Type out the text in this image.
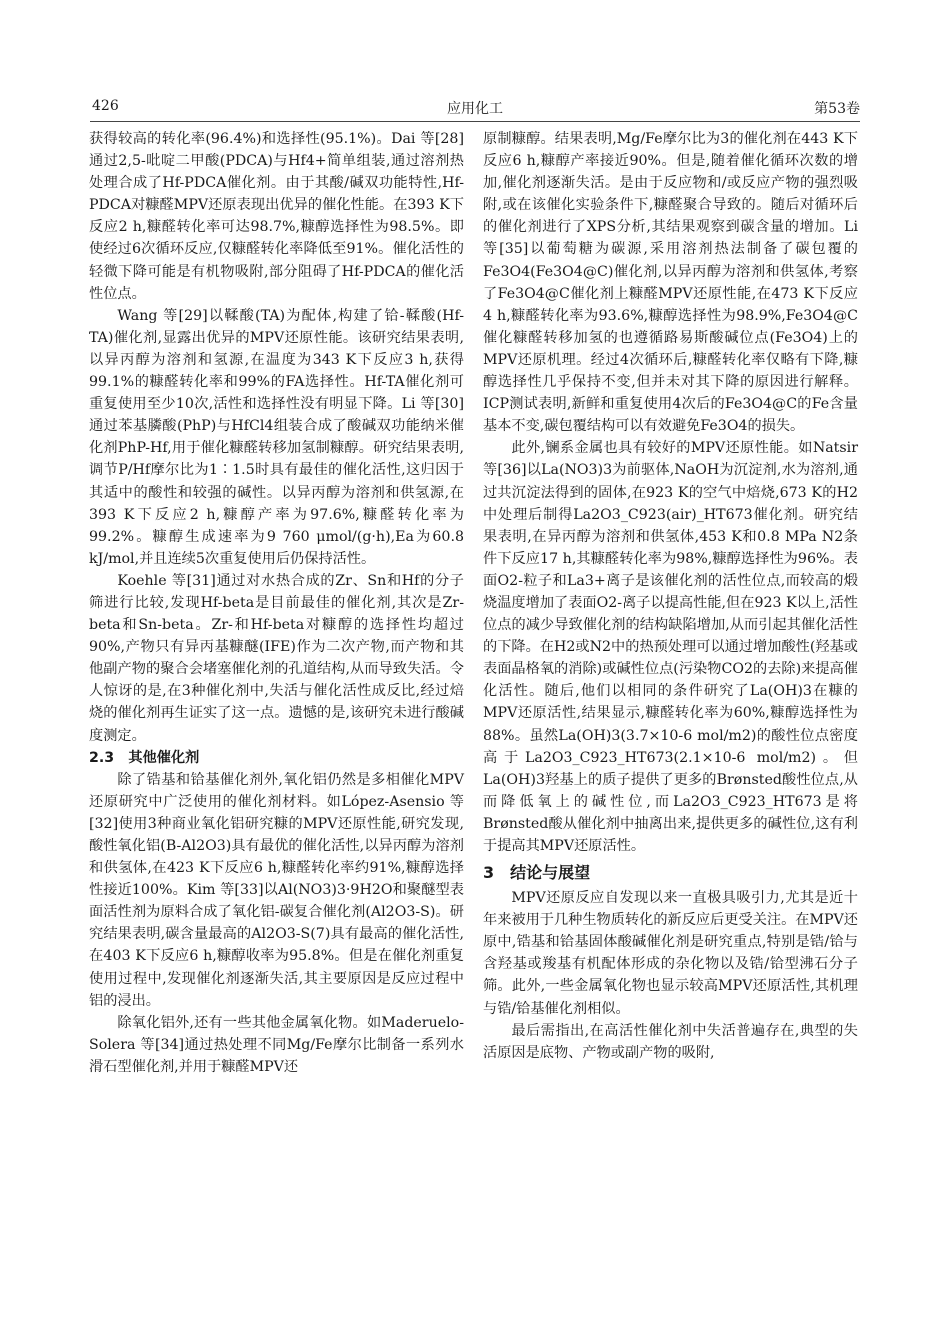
426	应用化工	第53卷

获得较高的转化率(96.4%)和选择性(95.1%)。Dai 等[28]通过2,5-吡啶二甲酸(PDCA)与Hf4+简单组装,通过溶剂热处理合成了Hf-PDCA催化剂。由于其酸/碱双功能特性,Hf-PDCA对糠醛MPV还原表现出优异的催化性能。在393 K下反应2 h,糠醛转化率可达98.7%,糠醇选择性为98.5%。即使经过6次循环反应,仅糠醛转化率降低至91%。催化活性的轻微下降可能是有机物吸附,部分阻碍了Hf-PDCA的催化活性位点。

Wang 等[29]以鞣酸(TA)为配体,构建了铪-鞣酸(Hf-TA)催化剂,显露出优异的MPV还原性能。该研究结果表明,以异丙醇为溶剂和氢源,在温度为343 K下反应3 h,获得99.1%的糠醛转化率和99%的FA选择性。Hf-TA催化剂可重复使用至少10次,活性和选择性没有明显下降。Li 等[30]通过苯基膦酸(PhP)与HfCl4组装合成了酸碱双功能纳米催化剂PhP-Hf,用于催化糠醛转移加氢制糠醇。研究结果表明,调节P/Hf摩尔比为1∶1.5时具有最佳的催化活性,这归因于其适中的酸性和较强的碱性。以异丙醇为溶剂和供氢源,在393 K下反应2 h,糠醇产率为97.6%,糠醛转化率为99.2%。糠醇生成速率为9 760 μmol/(g·h),Ea为60.8 kJ/mol,并且连续5次重复使用后仍保持活性。

Koehle 等[31]通过对水热合成的Zr、Sn和Hf的分子筛进行比较,发现Hf-beta是目前最佳的催化剂,其次是Zr-beta和Sn-beta。Zr-和Hf-beta对糠醇的选择性均超过90%,产物只有异丙基糠醚(IFE)作为二次产物,而产物和其他副产物的聚合会堵塞催化剂的孔道结构,从而导致失活。令人惊讶的是,在3种催化剂中,失活与催化活性成反比,经过焙烧的催化剂再生证实了这一点。遗憾的是,该研究未进行酸碱度测定。

2.3　其他催化剂

除了锆基和铪基催化剂外,氧化铝仍然是多相催化MPV还原研究中广泛使用的催化剂材料。如López-Asensio 等[32]使用3种商业氧化铝研究糠的MPV还原性能,研究发现,酸性氧化铝(B-Al2O3)具有最优的催化活性,以异丙醇为溶剂和供氢体,在423 K下反应6 h,糠醛转化率约91%,糠醇选择性接近100%。Kim 等[33]以Al(NO3)3·9H2O和聚醚型表面活性剂为原料合成了氧化铝-碳复合催化剂(Al2O3-S)。研究结果表明,碳含量最高的Al2O3-S(7)具有最高的催化活性,在403 K下反应6 h,糠醇收率为95.8%。但是在催化剂重复使用过程中,发现催化剂逐渐失活,其主要原因是反应过程中铝的浸出。

除氧化铝外,还有一些其他金属氧化物。如Maderuelo-Solera 等[34]通过热处理不同Mg/Fe摩尔比制备一系列水滑石型催化剂,并用于糠醛MPV还

原制糠醇。结果表明,Mg/Fe摩尔比为3的催化剂在443 K下反应6 h,糠醇产率接近90%。但是,随着催化循环次数的增加,催化剂逐渐失活。是由于反应物和/或反应产物的强烈吸附,或在该催化实验条件下,糠醛聚合导致的。随后对循环后的催化剂进行了XPS分析,其结果观察到碳含量的增加。Li 等[35]以葡萄糖为碳源,采用溶剂热法制备了碳包覆的Fe3O4(Fe3O4@C)催化剂,以异丙醇为溶剂和供氢体,考察了Fe3O4@C催化剂上糠醛MPV还原性能,在473 K下反应4 h,糠醛转化率为93.6%,糠醇选择性为98.9%,Fe3O4@C催化糠醛转移加氢的也遵循路易斯酸碱位点(Fe3O4)上的MPV还原机理。经过4次循环后,糠醛转化率仅略有下降,糠醇选择性几乎保持不变,但并未对其下降的原因进行解释。ICP测试表明,新鲜和重复使用4次后的Fe3O4@C的Fe含量基本不变,碳包覆结构可以有效避免Fe3O4的损失。

此外,镧系金属也具有较好的MPV还原性能。如Natsir 等[36]以La(NO3)3为前驱体,NaOH为沉淀剂,水为溶剂,通过共沉淀法得到的固体,在923 K的空气中焙烧,673 K的H2中处理后制得La2O3_C923(air)_HT673催化剂。研究结果表明,在异丙醇为溶剂和供氢体,453 K和0.8 MPa N2条件下反应17 h,其糠醛转化率为98%,糠醇选择性为96%。表面O2-粒子和La3+离子是该催化剂的活性位点,而较高的煅烧温度增加了表面O2-离子以提高性能,但在923 K以上,活性位点的减少导致催化剂的结构缺陷增加,从而引起其催化活性的下降。在H2或N2中的热预处理可以通过增加酸性(羟基或表面晶格氧的消除)或碱性位点(污染物CO2的去除)来提高催化活性。随后,他们以相同的条件研究了La(OH)3在糠的MPV还原活性,结果显示,糠醛转化率为60%,糠醇选择性为88%。虽然La(OH)3(3.7×10-6 mol/m2)的酸性位点密度高于La2O3_C923_HT673(2.1×10-6 mol/m2)。但La(OH)3羟基上的质子提供了更多的Brønsted酸性位点,从而降低氧上的碱性位,而La2O3_C923_HT673是将Brønsted酸从催化剂中抽离出来,提供更多的碱性位,这有利于提高其MPV还原活性。

3　结论与展望

MPV还原反应自发现以来一直极具吸引力,尤其是近十年来被用于几种生物质转化的新反应后更受关注。在MPV还原中,锆基和铪基固体酸碱催化剂是研究重点,特别是锆/铪与含羟基或羧基有机配体形成的杂化物以及锆/铪型沸石分子筛。此外,一些金属氧化物也显示较高MPV还原活性,其机理与锆/铪基催化剂相似。

最后需指出,在高活性催化剂中失活普遍存在,典型的失活原因是底物、产物或副产物的吸附,
